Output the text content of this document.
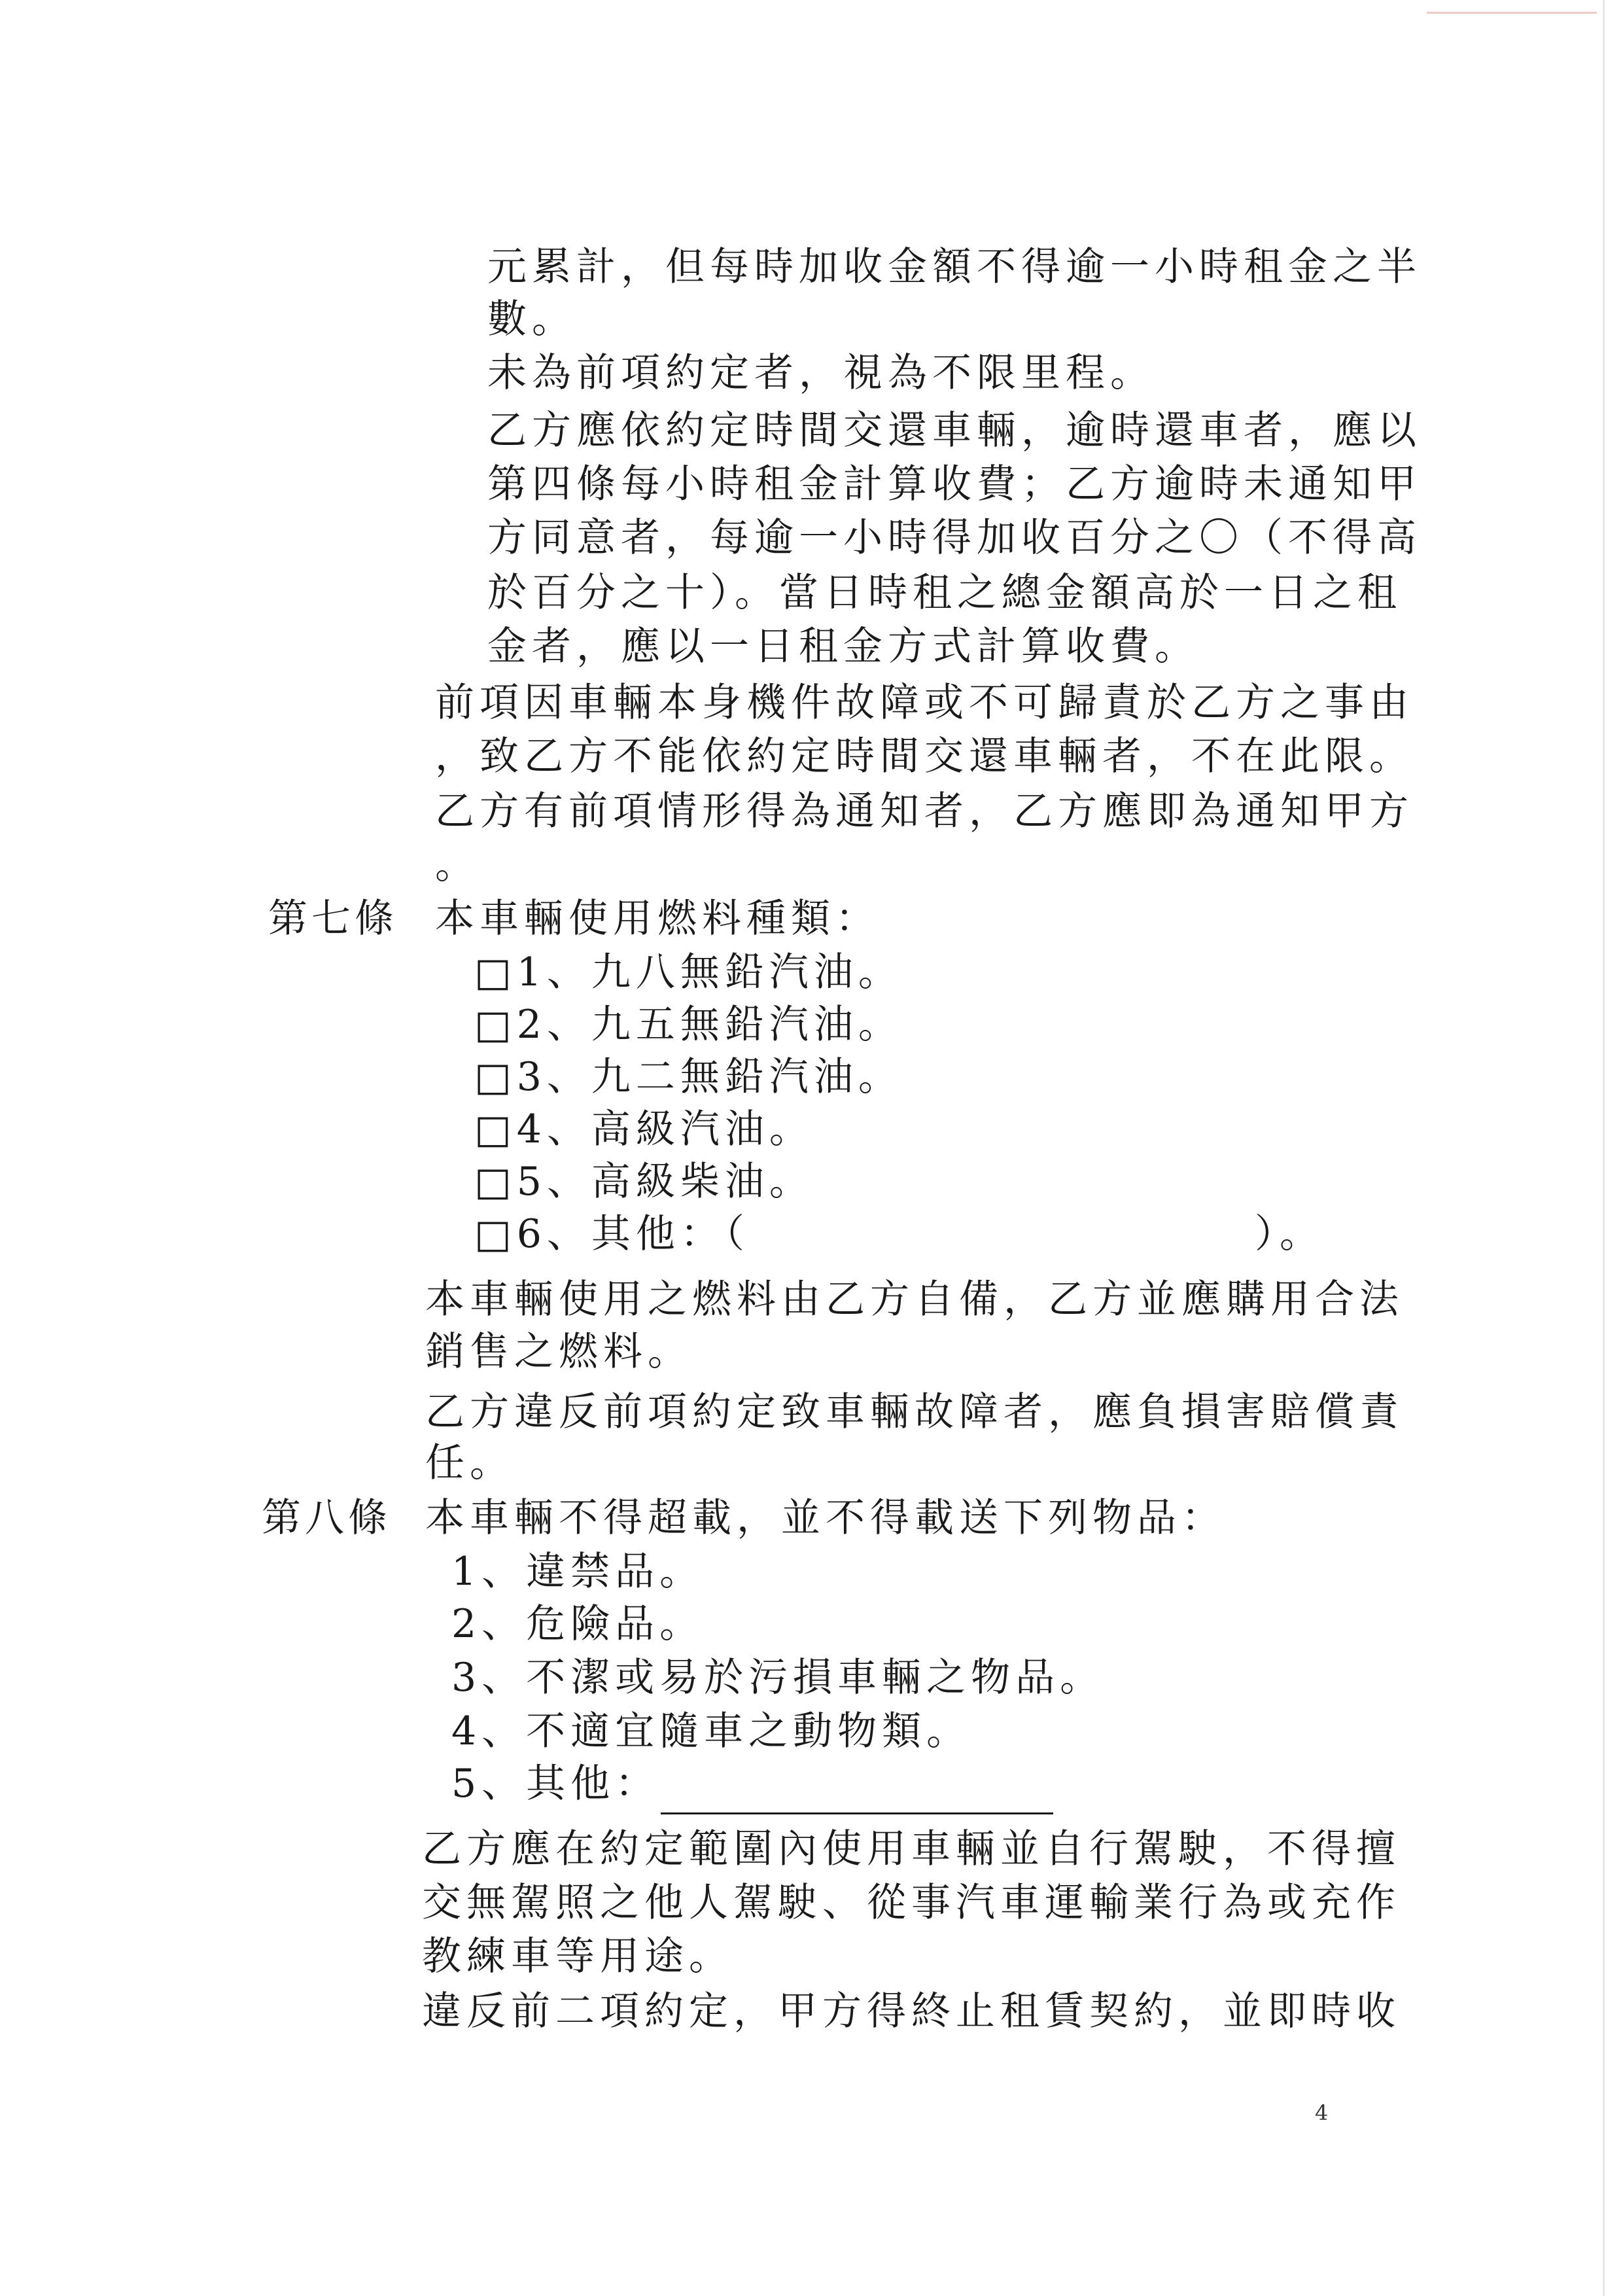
元累計，但每時加收金額不得逾一小時租金之半
數。
未為前項約定者，視為不限里程。
乙方應依約定時間交還車輛，逾時還車者，應以
第四條每小時租金計算收費；乙方逾時未通知甲
方同意者，每逾一小時得加收百分之〇（不得高
於百分之十）。當日時租之總金額高於一日之租
金者，應以一日租金方式計算收費。
前項因車輛本身機件故障或不可歸責於乙方之事由
，致乙方不能依約定時間交還車輛者，不在此限。
乙方有前項情形得為通知者，乙方應即為通知甲方
。
第七條 本車輛使用燃料種類：
□1、九八無鉛汽油。
□2、九五無鉛汽油。
□3、九二無鉛汽油。
□4、高級汽油。
□5、高級柴油。
□6、其他：（	）。
本車輛使用之燃料由乙方自備，乙方並應購用合法
銷售之燃料。
乙方違反前項約定致車輛故障者，應負損害賠償責
任。
第八條 本車輛不得超載，並不得載送下列物品：
1、違禁品。
2、危險品。
3、不潔或易於污損車輛之物品。
4、不適宜隨車之動物類。
5、其他：
乙方應在約定範圍內使用車輛並自行駕駛，不得擅
交無駕照之他人駕駛、從事汽車運輸業行為或充作
教練車等用途。
違反前二項約定，甲方得終止租賃契約，並即時收
4
